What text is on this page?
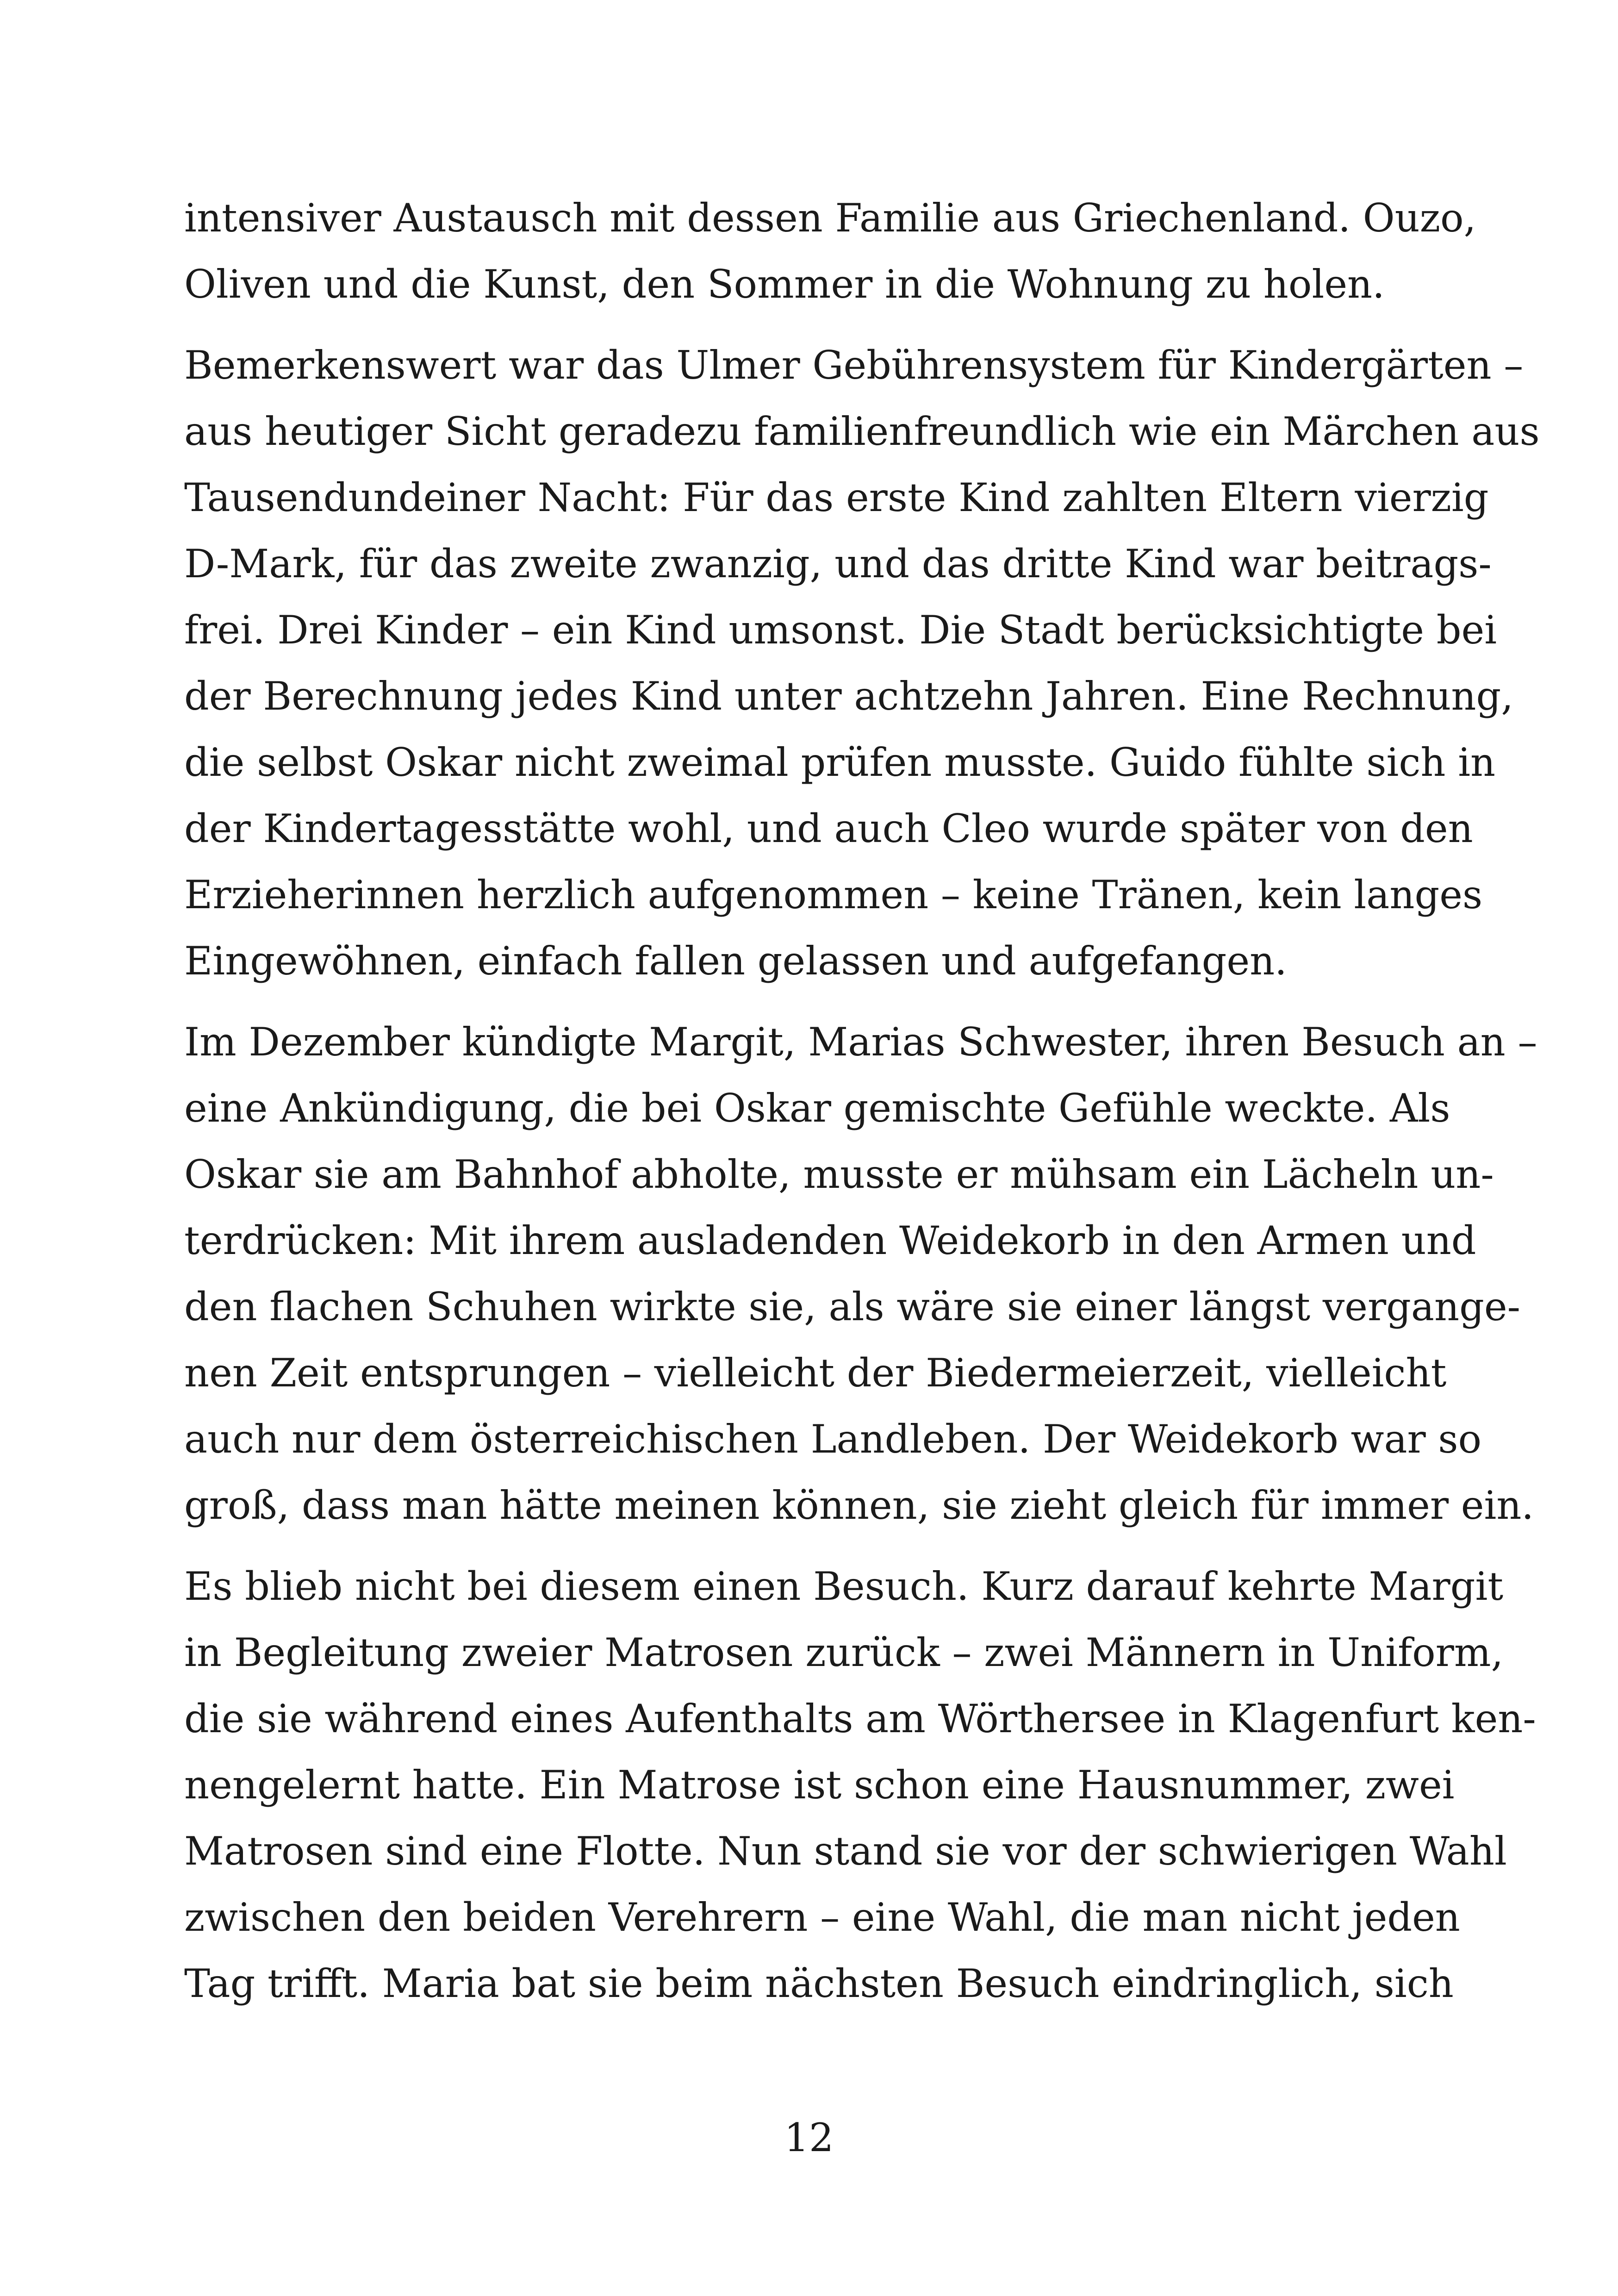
intensiver Austausch mit dessen Familie aus Griechenland. Ouzo,
Oliven und die Kunst, den Sommer in die Wohnung zu holen.

Bemerkenswert war das Ulmer Gebührensystem für Kindergärten –
aus heutiger Sicht geradezu familienfreundlich wie ein Märchen aus
Tausendundeiner Nacht: Für das erste Kind zahlten Eltern vierzig
D-Mark, für das zweite zwanzig, und das dritte Kind war beitrags-
frei. Drei Kinder – ein Kind umsonst. Die Stadt berücksichtigte bei
der Berechnung jedes Kind unter achtzehn Jahren. Eine Rechnung,
die selbst Oskar nicht zweimal prüfen musste. Guido fühlte sich in
der Kindertagesstätte wohl, und auch Cleo wurde später von den
Erzieherinnen herzlich aufgenommen – keine Tränen, kein langes
Eingewöhnen, einfach fallen gelassen und aufgefangen.

Im Dezember kündigte Margit, Marias Schwester, ihren Besuch an –
eine Ankündigung, die bei Oskar gemischte Gefühle weckte. Als
Oskar sie am Bahnhof abholte, musste er mühsam ein Lächeln un-
terdrücken: Mit ihrem ausladenden Weidekorb in den Armen und
den flachen Schuhen wirkte sie, als wäre sie einer längst vergange-
nen Zeit entsprungen – vielleicht der Biedermeierzeit, vielleicht
auch nur dem österreichischen Landleben. Der Weidekorb war so
groß, dass man hätte meinen können, sie zieht gleich für immer ein.

Es blieb nicht bei diesem einen Besuch. Kurz darauf kehrte Margit
in Begleitung zweier Matrosen zurück – zwei Männern in Uniform,
die sie während eines Aufenthalts am Wörthersee in Klagenfurt ken-
nengelernt hatte. Ein Matrose ist schon eine Hausnummer, zwei
Matrosen sind eine Flotte. Nun stand sie vor der schwierigen Wahl
zwischen den beiden Verehrern – eine Wahl, die man nicht jeden
Tag trifft. Maria bat sie beim nächsten Besuch eindringlich, sich

12
